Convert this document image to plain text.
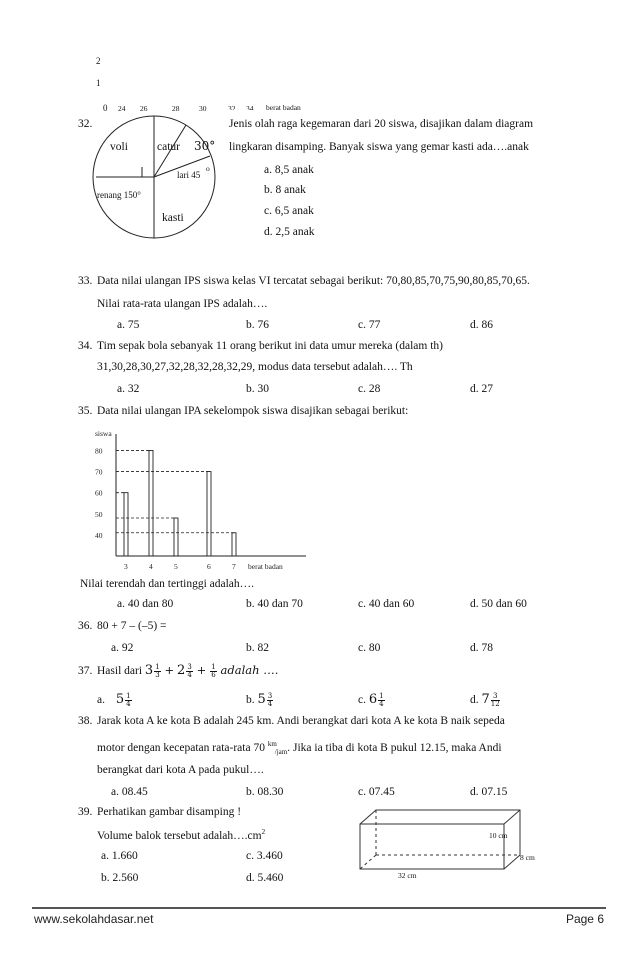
2
1
0 24 26	28	30	32 34 berat badan
32.
voli	catur 30°
lari 45
o
renang 150°
kasti
Jenis olah raga kegemaran dari 20 siswa, disajikan dalam diagram
lingkaran disamping. Banyak siswa yang gemar kasti ada….anak
a. 8,5 anak
b. 8 anak
c. 6,5 anak
d. 2,5 anak
33. Data nilai ulangan IPS siswa kelas VI tercatat sebagai berikut: 70,80,85,70,75,90,80,85,70,65.
Nilai rata-rata ulangan IPS adalah….
a. 75	b. 76	c. 77	d. 86
34. Tim sepak bola sebanyak 11 orang berikut ini data umur mereka (dalam th)
31,30,28,30,27,32,28,32,28,32,29, modus data tersebut adalah…. Th
a. 32	b. 30	c. 28	d. 27
35. Data nilai ulangan IPA sekelompok siswa disajikan sebagai berikut:
siswa
40
50
60
70
80
3	4	5	6	7 berat badan
Nilai terendah dan tertinggi adalah….
a. 40 dan 80	b. 40 dan 70	c. 40 dan 60	d. 50 dan 60
36. 80 + 7 – (–5) =
a. 92	b. 82	c. 80	d. 78
37. Hasil dari $3 \frac{1}{3} + 2 \frac{3}{4} + \frac{1}{6}$ adalah ….
a. $5 \frac{1}{4}$	b. $5 \frac{3}{4}$	c. $6 \frac{1}{4}$	d. $7 \frac{3}{12}$
38. Jarak kota A ke kota B adalah 245 km. Andi berangkat dari kota A ke kota B naik sepeda
motor dengan kecepatan rata-rata 70 $^{km}_{/jam}$. Jika ia tiba di kota B pukul 12.15, maka Andi
berangkat dari kota A pada pukul….
a. 08.45	b. 08.30	c. 07.45	d. 07.15
39. Perhatikan gambar disamping !
Volume balok tersebut $adalah\dots.cm^2$
a. 1.660	c. 3.460
b. 2.560	d. 5.460
10 cm
8 cm
32 cm
www.sekolahdasar.net	Page 6
